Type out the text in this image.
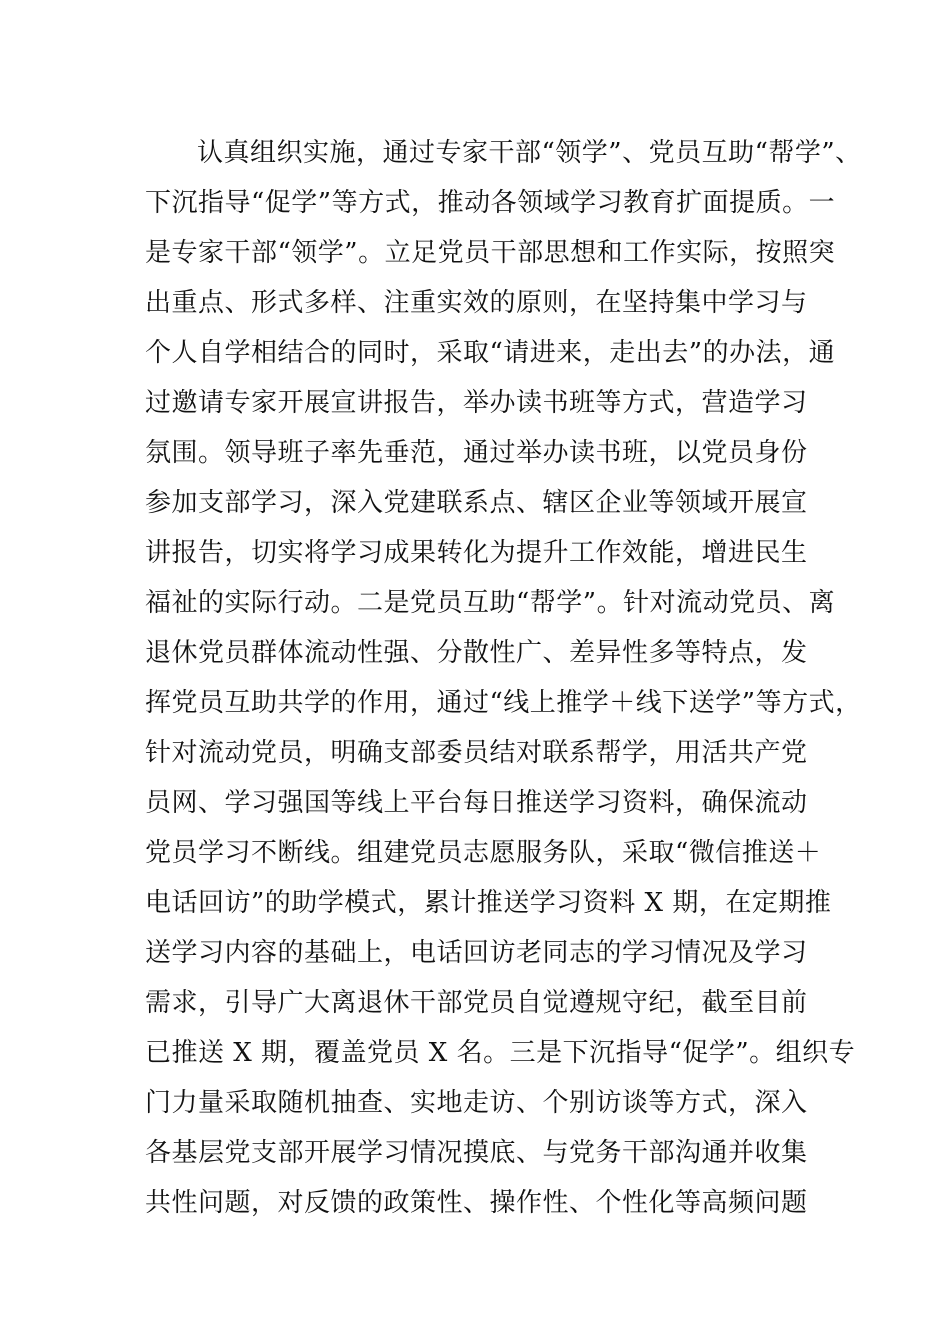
认真组织实施，通过专家干部“领学”、党员互助“帮学”、
下沉指导“促学”等方式，推动各领域学习教育扩面提质。一
是专家干部“领学”。立足党员干部思想和工作实际，按照突
出重点、形式多样、注重实效的原则，在坚持集中学习与
个人自学相结合的同时，采取“请进来，走出去”的办法，通
过邀请专家开展宣讲报告，举办读书班等方式，营造学习
氛围。领导班子率先垂范，通过举办读书班，以党员身份
参加支部学习，深入党建联系点、辖区企业等领域开展宣
讲报告，切实将学习成果转化为提升工作效能，增进民生
福祉的实际行动。二是党员互助“帮学”。针对流动党员、离
退休党员群体流动性强、分散性广、差异性多等特点，发
挥党员互助共学的作用，通过“线上推学＋线下送学”等方式，
针对流动党员，明确支部委员结对联系帮学，用活共产党
员网、学习强国等线上平台每日推送学习资料，确保流动
党员学习不断线。组建党员志愿服务队，采取“微信推送＋
电话回访”的助学模式，累计推送学习资料 X 期，在定期推
送学习内容的基础上，电话回访老同志的学习情况及学习
需求，引导广大离退休干部党员自觉遵规守纪，截至目前
已推送 X 期，覆盖党员 X 名。三是下沉指导“促学”。组织专
门力量采取随机抽查、实地走访、个别访谈等方式，深入
各基层党支部开展学习情况摸底、与党务干部沟通并收集
共性问题，对反馈的政策性、操作性、个性化等高频问题
